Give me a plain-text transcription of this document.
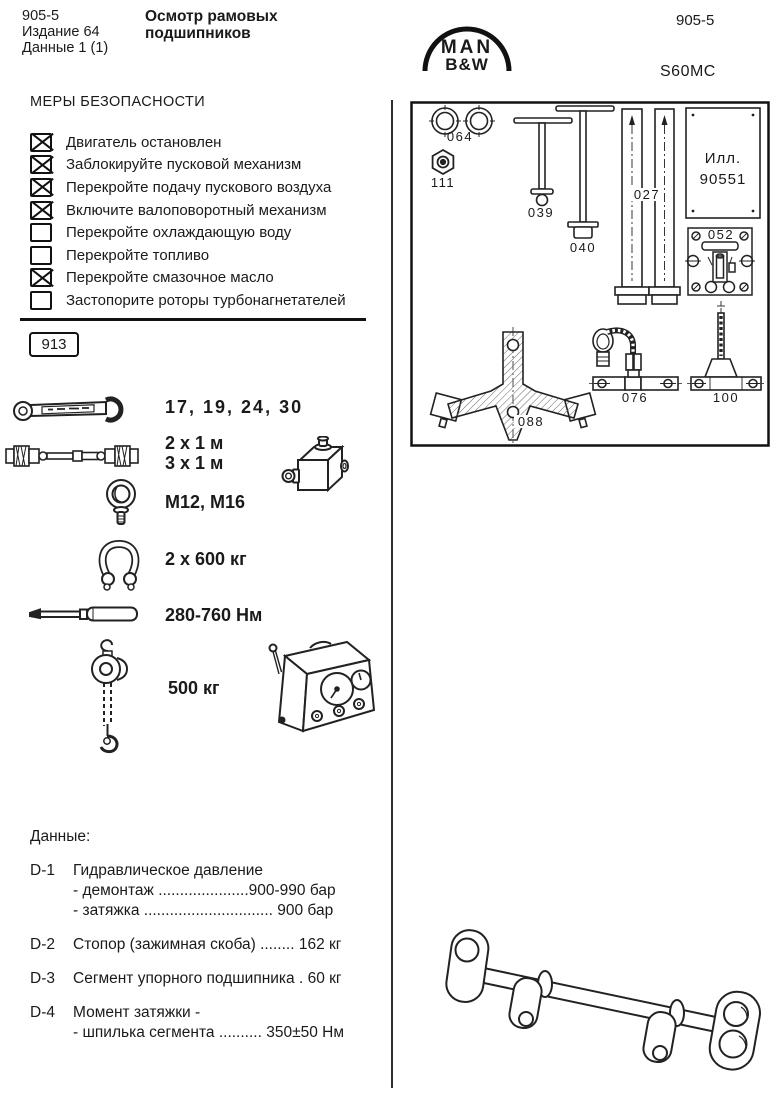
905-5
Издание 64
Данные 1 (1)
Осмотр рамовых
подшипников
MAN
B&W
905-5
S60MC
МЕРЫ БЕЗОПАСНОСТИ
Двигатель остановлен
Заблокируйте пусковой механизм
Перекройте подачу пускового воздуха
Включите валоповоротный механизм
Перекройте охлаждающую воду
Перекройте топливо
Перекройте смазочное масло
Застопорите роторы турбонагнетателей
913
17, 19, 24, 30
2 x 1 м
3 x 1 м
М12, М16
2 x 600 кг
280-760 Нм
500 кг
Данные:
D-1 Гидравлическое давление
- демонтаж .....................900-990 бар
- затяжка .............................. 900 бар
D-2 Стопор (зажимная скоба) ........ 162 кг
D-3 Сегмент упорного подшипника . 60 кг
D-4 Момент затяжки -
- шпилька сегмента .......... 350±50 Нм
064
111
039
040
027
Илл.
90551
052
088
076	100
